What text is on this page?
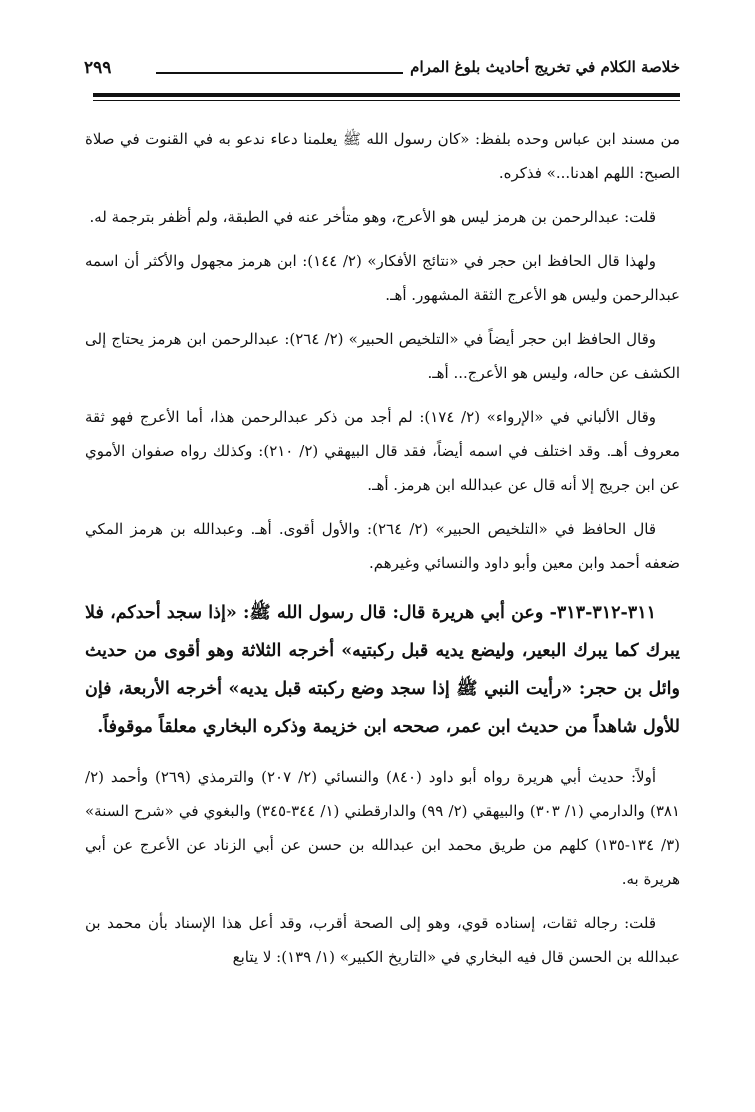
خلاصة الكلام في تخريج أحاديث بلوغ المرام
٢٩٩

من مسند ابن عباس وحده بلفظ: «كان رسول الله ﷺ يعلمنا دعاء ندعو به في القنوت في صلاة الصبح: اللهم اهدنا...» فذكره.

قلت: عبدالرحمن بن هرمز ليس هو الأعرج، وهو متأخر عنه في الطبقة، ولم أظفر بترجمة له.

ولهذا قال الحافظ ابن حجر في «نتائج الأفكار» (٢/ ١٤٤): ابن هرمز مجهول والأكثر أن اسمه عبدالرحمن وليس هو الأعرج الثقة المشهور. أهـ.

وقال الحافظ ابن حجر أيضاً في «التلخيص الحبير» (٢/ ٢٦٤): عبدالرحمن ابن هرمز يحتاج إلى الكشف عن حاله، وليس هو الأعرج... أهـ.

وقال الألباني في «الإرواء» (٢/ ١٧٤): لم أجد من ذكر عبدالرحمن هذا، أما الأعرج فهو ثقة معروف أهـ. وقد اختلف في اسمه أيضاً، فقد قال البيهقي (٢/ ٢١٠): وكذلك رواه صفوان الأموي عن ابن جريج إلا أنه قال عن عبدالله ابن هرمز. أهـ.

قال الحافظ في «التلخيص الحبير» (٢/ ٢٦٤): والأول أقوى. أهـ. وعبدالله بن هرمز المكي ضعفه أحمد وابن معين وأبو داود والنسائي وغيرهم.

٣١١-٣١٢-٣١٣- وعن أبي هريرة قال: قال رسول الله ﷺ: «إذا سجد أحدكم، فلا يبرك كما يبرك البعير، وليضع يديه قبل ركبتيه» أخرجه الثلاثة وهو أقوى من حديث وائل بن حجر: «رأيت النبي ﷺ إذا سجد وضع ركبته قبل يديه» أخرجه الأربعة، فإن للأول شاهداً من حديث ابن عمر، صححه ابن خزيمة وذكره البخاري معلقاً موقوفاً.

أولاً: حديث أبي هريرة رواه أبو داود (٨٤٠) والنسائي (٢/ ٢٠٧) والترمذي (٢٦٩) وأحمد (٢/ ٣٨١) والدارمي (١/ ٣٠٣) والبيهقي (٢/ ٩٩) والدارقطني (١/ ٣٤٤-٣٤٥) والبغوي في «شرح السنة» (٣/ ١٣٤-١٣٥) كلهم من طريق محمد ابن عبدالله بن حسن عن أبي الزناد عن الأعرج عن أبي هريرة به.

قلت: رجاله ثقات، إسناده قوي، وهو إلى الصحة أقرب، وقد أعل هذا الإسناد بأن محمد بن عبدالله بن الحسن قال فيه البخاري في «التاريخ الكبير» (١/ ١٣٩): لا يتابع
